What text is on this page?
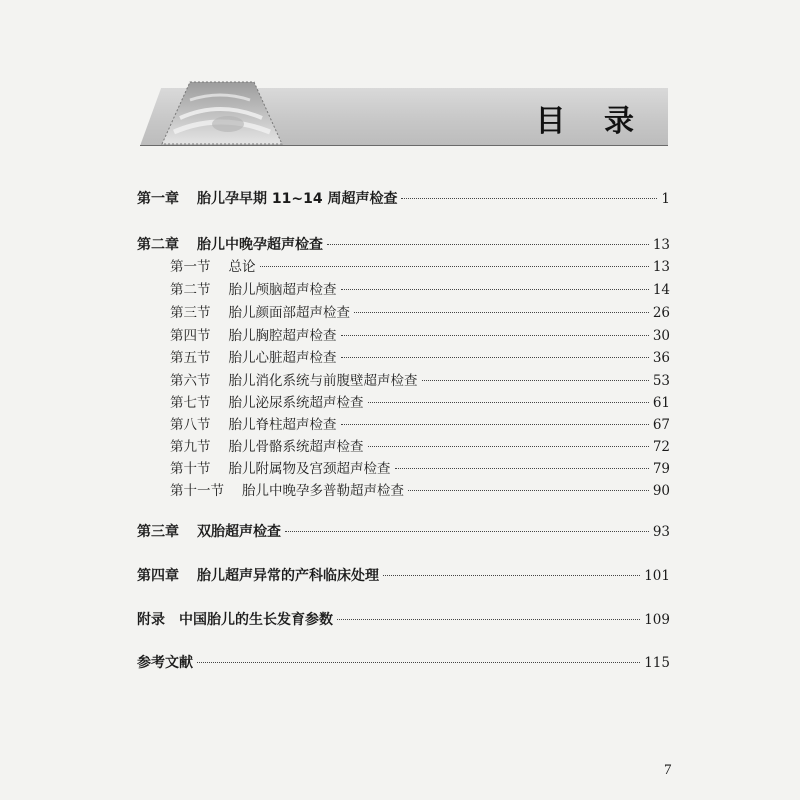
目 录
第一章 胎儿孕早期 11~14 周超声检查	1
第二章 胎儿中晚孕超声检查	13
第一节 总论	13
第二节 胎儿颅脑超声检查	14
第三节 胎儿颜面部超声检查	26
第四节 胎儿胸腔超声检查	30
第五节 胎儿心脏超声检查	36
第六节 胎儿消化系统与前腹壁超声检查	53
第七节 胎儿泌尿系统超声检查	61
第八节 胎儿脊柱超声检查	67
第九节 胎儿骨骼系统超声检查	72
第十节 胎儿附属物及宫颈超声检查	79
第十一节 胎儿中晚孕多普勒超声检查	90
第三章 双胎超声检查	93
第四章 胎儿超声异常的产科临床处理	101
附录 中国胎儿的生长发育参数	109
参考文献	115
7
